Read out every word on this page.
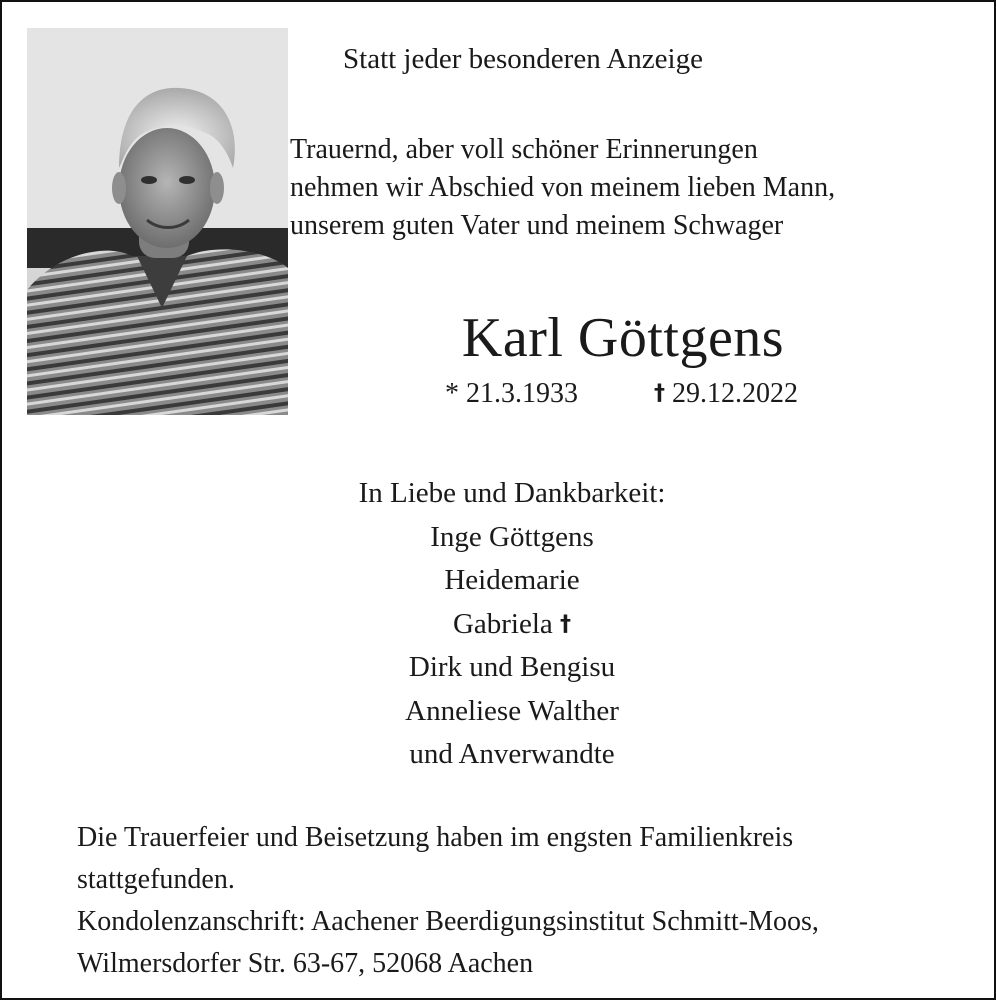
Statt jeder besonderen Anzeige
Trauernd, aber voll schöner Erinnerungen
nehmen wir Abschied von meinem lieben Mann,
unserem guten Vater und meinem Schwager
Karl Göttgens
* 21.3.1933	† 29.12.2022
In Liebe und Dankbarkeit:
Inge Göttgens
Heidemarie
Gabriela †
Dirk und Bengisu
Anneliese Walther
und Anverwandte
Die Trauerfeier und Beisetzung haben im engsten Familienkreis
stattgefunden.
Kondolenzanschrift: Aachener Beerdigungsinstitut Schmitt-Moos,
Wilmersdorfer Str. 63-67, 52068 Aachen
